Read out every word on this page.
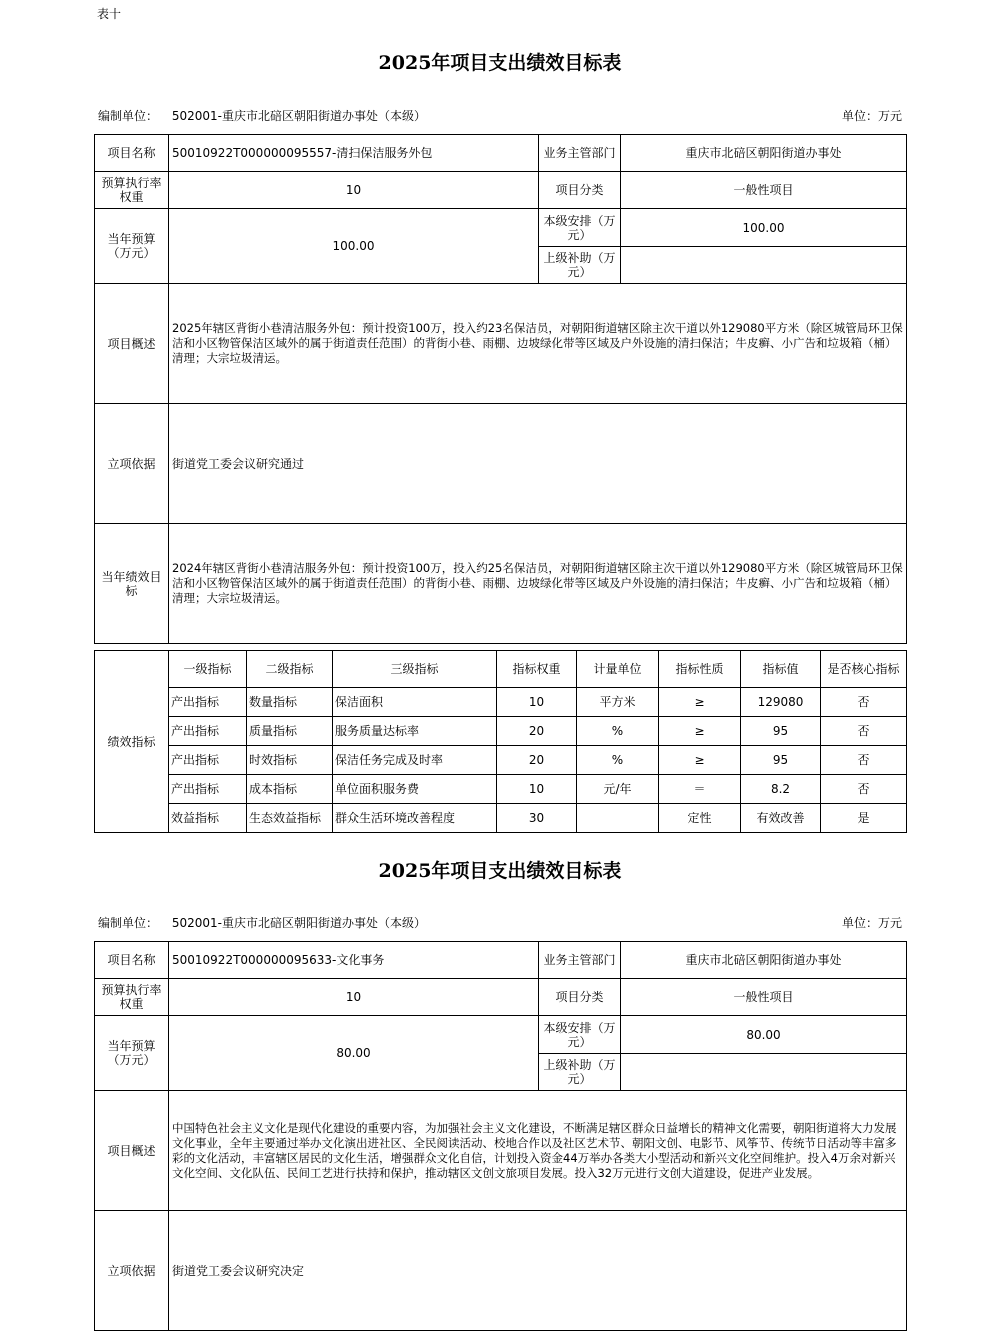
表十
2025年项目支出绩效目标表
编制单位： 502001-重庆市北碚区朝阳街道办事处（本级）	单位：万元
项目名称	50010922T000000095557-清扫保洁服务外包	业务主管部门	重庆市北碚区朝阳街道办事处
预算执行率权重	10	项目分类	一般性项目
当年预算（万元）	100.00	本级安排（万元）	100.00
		上级补助（万元）	
项目概述	2025年辖区背街小巷清洁服务外包：预计投资100万，投入约23名保洁员，对朝阳街道辖区除主次干道以外129080平方米（除区城管局环卫保洁和小区物管保洁区域外的属于街道责任范围）的背街小巷、雨棚、边坡绿化带等区域及户外设施的清扫保洁；牛皮癣、小广告和垃圾箱（桶）清理；大宗垃圾清运。		
立项依据	街道党工委会议研究通过		
当年绩效目标	2024年辖区背街小巷清洁服务外包：预计投资100万，投入约25名保洁员，对朝阳街道辖区除主次干道以外129080平方米（除区城管局环卫保洁和小区物管保洁区域外的属于街道责任范围）的背街小巷、雨棚、边坡绿化带等区域及户外设施的清扫保洁；牛皮癣、小广告和垃圾箱（桶）清理；大宗垃圾清运。		
绩效指标	一级指标	二级指标	三级指标	指标权重	计量单位	指标性质	指标值	是否核心指标
	产出指标	数量指标	保洁面积	10	平方米	≥	129080	否
	产出指标	质量指标	服务质量达标率	20	%	≥	95	否
	产出指标	时效指标	保洁任务完成及时率	20	%	≥	95	否
	产出指标	成本指标	单位面积服务费	10	元/年	＝	8.2	否
	效益指标	生态效益指标	群众生活环境改善程度	30		定性	有效改善	是
2025年项目支出绩效目标表
编制单位： 502001-重庆市北碚区朝阳街道办事处（本级）	单位：万元
项目名称	50010922T000000095633-文化事务	业务主管部门	重庆市北碚区朝阳街道办事处
预算执行率权重	10	项目分类	一般性项目
当年预算（万元）	80.00	本级安排（万元）	80.00
		上级补助（万元）	
项目概述	中国特色社会主义文化是现代化建设的重要内容，为加强社会主义文化建设，不断满足辖区群众日益增长的精神文化需要，朝阳街道将大力发展文化事业，全年主要通过举办文化演出进社区、全民阅读活动、校地合作以及社区艺术节、朝阳文创、电影节、风筝节、传统节日活动等丰富多彩的文化活动，丰富辖区居民的文化生活，增强群众文化自信，计划投入资金44万举办各类大小型活动和新兴文化空间维护。投入4万余对新兴文化空间、文化队伍、民间工艺进行扶持和保护，推动辖区文创文旅项目发展。投入32万元进行文创大道建设，促进产业发展。		
立项依据	街道党工委会议研究决定		
